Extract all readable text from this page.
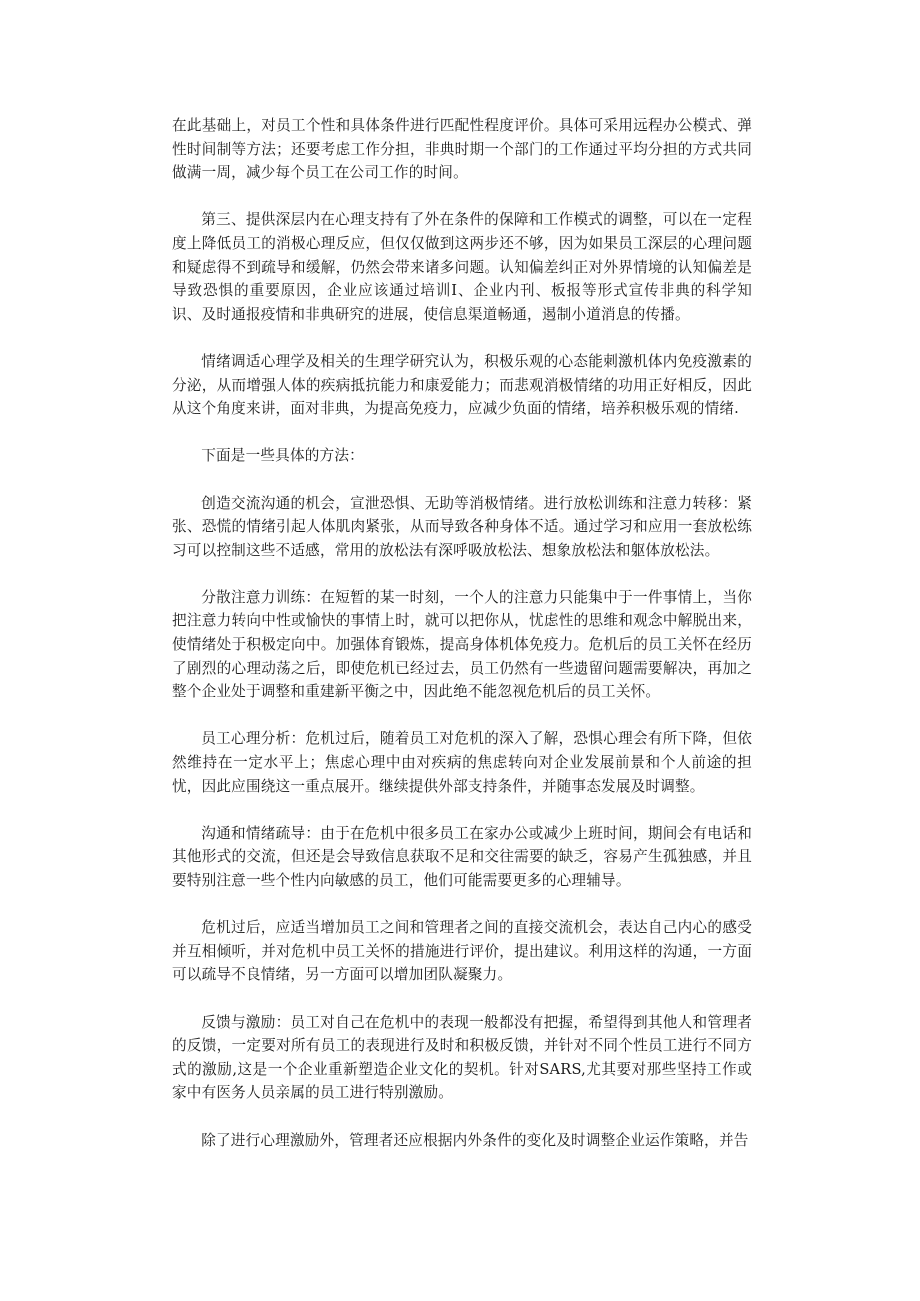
在此基础上，对员工个性和具体条件进行匹配性程度评价。具体可采用远程办公模式、弹性时间制等方法；还要考虑工作分担，非典时期一个部门的工作通过平均分担的方式共同做满一周，减少每个员工在公司工作的时间。

第三、提供深层内在心理支持有了外在条件的保障和工作模式的调整，可以在一定程度上降低员工的消极心理反应，但仅仅做到这两步还不够，因为如果员工深层的心理问题和疑虑得不到疏导和缓解，仍然会带来诸多问题。认知偏差纠正对外界情境的认知偏差是导致恐惧的重要原因，企业应该通过培训I、企业内刊、板报等形式宣传非典的科学知识、及时通报疫情和非典研究的进展，使信息渠道畅通，遏制小道消息的传播。

情绪调适心理学及相关的生理学研究认为，积极乐观的心态能刺激机体内免疫激素的分泌，从而增强人体的疾病抵抗能力和康爱能力；而悲观消极情绪的功用正好相反，因此从这个角度来讲，面对非典，为提高免疫力，应减少负面的情绪，培养积极乐观的情绪.

下面是一些具体的方法：

创造交流沟通的机会，宣泄恐惧、无助等消极情绪。进行放松训练和注意力转移：紧张、恐慌的情绪引起人体肌肉紧张，从而导致各种身体不适。通过学习和应用一套放松练习可以控制这些不适感，常用的放松法有深呼吸放松法、想象放松法和躯体放松法。

分散注意力训练：在短暂的某一时刻，一个人的注意力只能集中于一件事情上，当你把注意力转向中性或愉快的事情上时，就可以把你从，忧虑性的思维和观念中解脱出来，使情绪处于积极定向中。加强体育锻炼，提高身体机体免疫力。危机后的员工关怀在经历了剧烈的心理动荡之后，即使危机已经过去，员工仍然有一些遗留问题需要解决，再加之整个企业处于调整和重建新平衡之中，因此绝不能忽视危机后的员工关怀。

员工心理分析：危机过后，随着员工对危机的深入了解，恐惧心理会有所下降，但依然维持在一定水平上；焦虑心理中由对疾病的焦虑转向对企业发展前景和个人前途的担忧，因此应围绕这一重点展开。继续提供外部支持条件，并随事态发展及时调整。

沟通和情绪疏导：由于在危机中很多员工在家办公或减少上班时间，期间会有电话和其他形式的交流，但还是会导致信息获取不足和交往需要的缺乏，容易产生孤独感，并且要特别注意一些个性内向敏感的员工，他们可能需要更多的心理辅导。

危机过后，应适当增加员工之间和管理者之间的直接交流机会，表达自己内心的感受并互相倾听，并对危机中员工关怀的措施进行评价，提出建议。利用这样的沟通，一方面可以疏导不良情绪，另一方面可以增加团队凝聚力。

反馈与激励：员工对自己在危机中的表现一般都没有把握，希望得到其他人和管理者的反馈，一定要对所有员工的表现进行及时和积极反馈，并针对不同个性员工进行不同方式的激励,这是一个企业重新塑造企业文化的契机。针对SARS,尤其要对那些坚持工作或家中有医务人员亲属的员工进行特别激励。

除了进行心理激励外，管理者还应根据内外条件的变化及时调整企业运作策略，并告
